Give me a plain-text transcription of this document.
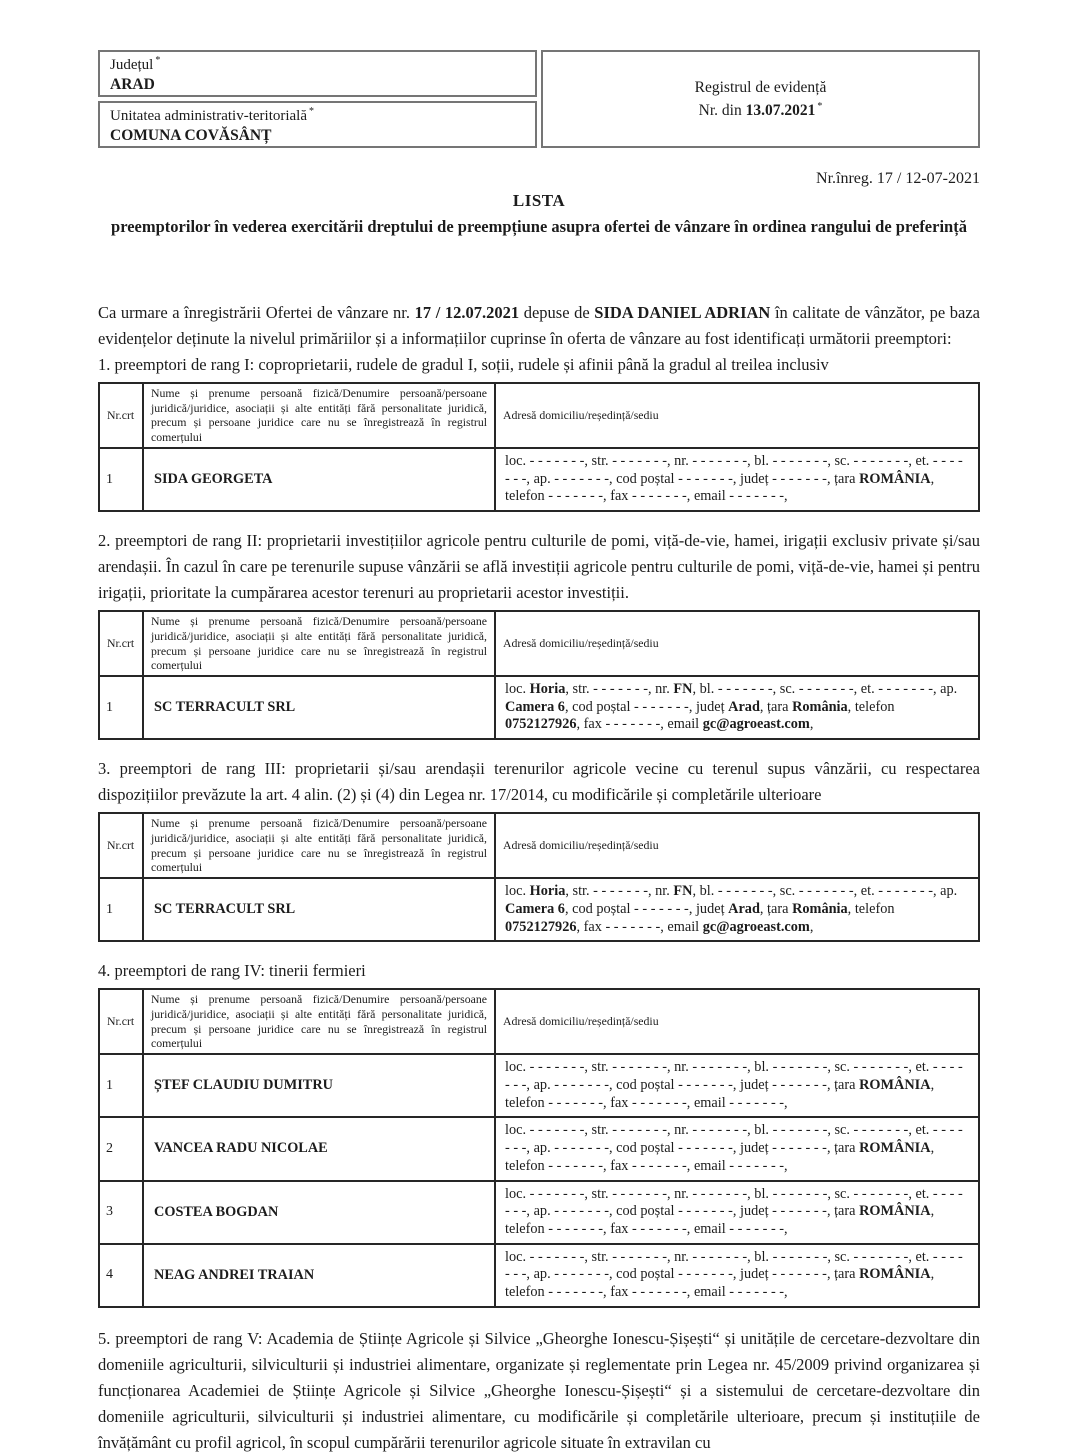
Județul *
ARAD
Unitatea administrativ-teritorială *
COMUNA COVĂSÂNȚ
Registrul de evidență
Nr. din 13.07.2021 *
Nr.înreg. 17 / 12-07-2021
LISTA
preemptorilor în vederea exercitării dreptului de preempțiune asupra ofertei de vânzare în ordinea rangului de preferință

Ca urmare a înregistrării Ofertei de vânzare nr. 17 / 12.07.2021 depuse de SIDA DANIEL ADRIAN în calitate de vânzător, pe baza evidențelor deținute la nivelul primăriilor și a informațiilor cuprinse în oferta de vânzare au fost identificați următorii preemptori:

1. preemptori de rang I: coproprietarii, rudele de gradul I, soții, rudele și afinii până la gradul al treilea inclusiv

Nr.crt	Nume și prenume persoană fizică/Denumire persoană/persoane juridică/juridice, asociații și alte entități fără personalitate juridică, precum și persoane juridice care nu se înregistrează în registrul comerțului	Adresă domiciliu/reședință/sediu
1	SIDA GEORGETA	loc. - - - - - - -, str. - - - - - - -, nr. - - - - - - -, bl. - - - - - - -, sc. - - - - - - -, et. - - - - - - -, ap. - - - - - - -, cod poștal - - - - - - -, județ - - - - - - -, țara ROMÂNIA, telefon - - - - - - -, fax - - - - - - -, email - - - - - - -,

2. preemptori de rang II: proprietarii investițiilor agricole pentru culturile de pomi, viță-de-vie, hamei, irigații exclusiv private și/sau arendașii. În cazul în care pe terenurile supuse vânzării se află investiții agricole pentru culturile de pomi, viță-de-vie, hamei și pentru irigații, prioritate la cumpărarea acestor terenuri au proprietarii acestor investiții.

Nr.crt	Nume și prenume persoană fizică/Denumire persoană/persoane juridică/juridice, asociații și alte entități fără personalitate juridică, precum și persoane juridice care nu se înregistrează în registrul comerțului	Adresă domiciliu/reședință/sediu
1	SC TERRACULT SRL	loc. Horia, str. - - - - - - -, nr. FN, bl. - - - - - - -, sc. - - - - - - -, et. - - - - - - -, ap. Camera 6, cod poștal - - - - - - -, județ Arad, țara România, telefon 0752127926, fax - - - - - - -, email gc@agroeast.com,

3. preemptori de rang III: proprietarii și/sau arendașii terenurilor agricole vecine cu terenul supus vânzării, cu respectarea dispozițiilor prevăzute la art. 4 alin. (2) și (4) din Legea nr. 17/2014, cu modificările și completările ulterioare

Nr.crt	Nume și prenume persoană fizică/Denumire persoană/persoane juridică/juridice, asociații și alte entități fără personalitate juridică, precum și persoane juridice care nu se înregistrează în registrul comerțului	Adresă domiciliu/reședință/sediu
1	SC TERRACULT SRL	loc. Horia, str. - - - - - - -, nr. FN, bl. - - - - - - -, sc. - - - - - - -, et. - - - - - - -, ap. Camera 6, cod poștal - - - - - - -, județ Arad, țara România, telefon 0752127926, fax - - - - - - -, email gc@agroeast.com,

4. preemptori de rang IV: tinerii fermieri

Nr.crt	Nume și prenume persoană fizică/Denumire persoană/persoane juridică/juridice, asociații și alte entități fără personalitate juridică, precum și persoane juridice care nu se înregistrează în registrul comerțului	Adresă domiciliu/reședință/sediu
1	ȘTEF CLAUDIU DUMITRU	loc. - - - - - - -, str. - - - - - - -, nr. - - - - - - -, bl. - - - - - - -, sc. - - - - - - -, et. - - - - - - -, ap. - - - - - - -, cod poștal - - - - - - -, județ - - - - - - -, țara ROMÂNIA, telefon - - - - - - -, fax - - - - - - -, email - - - - - - -,
2	VANCEA RADU NICOLAE	loc. - - - - - - -, str. - - - - - - -, nr. - - - - - - -, bl. - - - - - - -, sc. - - - - - - -, et. - - - - - - -, ap. - - - - - - -, cod poștal - - - - - - -, județ - - - - - - -, țara ROMÂNIA, telefon - - - - - - -, fax - - - - - - -, email - - - - - - -,
3	COSTEA BOGDAN	loc. - - - - - - -, str. - - - - - - -, nr. - - - - - - -, bl. - - - - - - -, sc. - - - - - - -, et. - - - - - - -, ap. - - - - - - -, cod poștal - - - - - - -, județ - - - - - - -, țara ROMÂNIA, telefon - - - - - - -, fax - - - - - - -, email - - - - - - -,
4	NEAG ANDREI TRAIAN	loc. - - - - - - -, str. - - - - - - -, nr. - - - - - - -, bl. - - - - - - -, sc. - - - - - - -, et. - - - - - - -, ap. - - - - - - -, cod poștal - - - - - - -, județ - - - - - - -, țara ROMÂNIA, telefon - - - - - - -, fax - - - - - - -, email - - - - - - -,

5. preemptori de rang V: Academia de Științe Agricole și Silvice „Gheorghe Ionescu-Șișești“ și unitățile de cercetare-dezvoltare din domeniile agriculturii, silviculturii și industriei alimentare, organizate și reglementate prin Legea nr. 45/2009 privind organizarea și funcționarea Academiei de Științe Agricole și Silvice „Gheorghe Ionescu-Șișești“ și a sistemului de cercetare-dezvoltare din domeniile agriculturii, silviculturii și industriei alimentare, cu modificările și completările ulterioare, precum și instituțiile de învățământ cu profil agricol, în scopul cumpărării terenurilor agricole situate în extravilan cu
